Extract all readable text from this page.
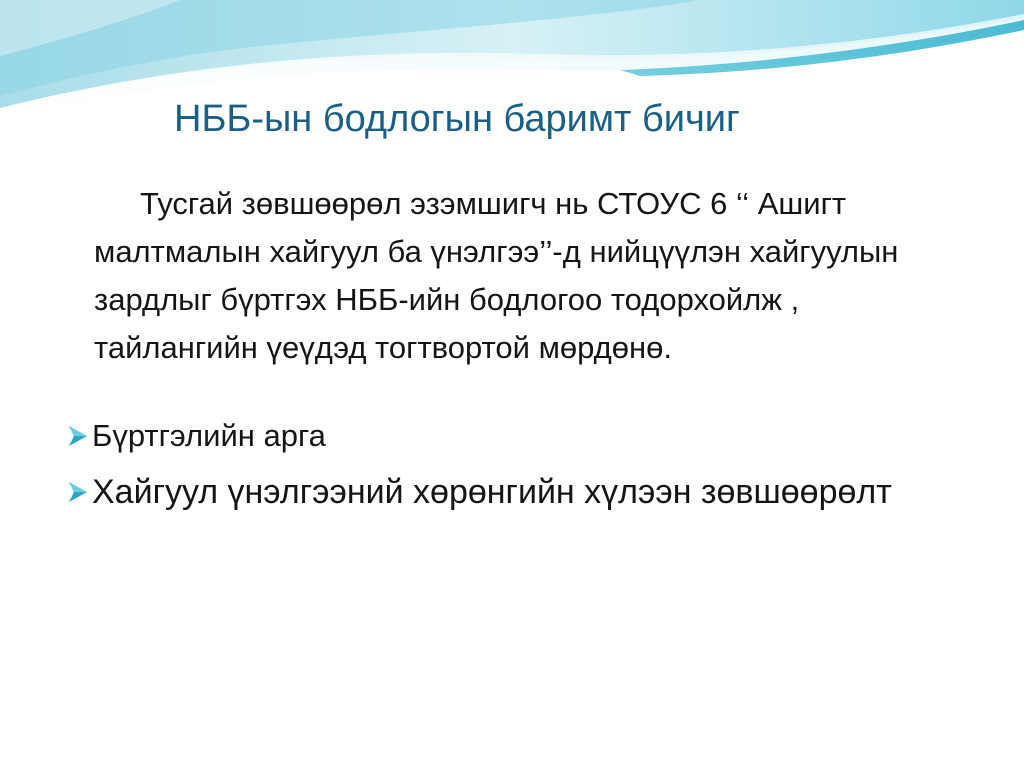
НББ-ын бодлогын баримт бичиг
Тусгай зөвшөөрөл эзэмшигч нь СТОУС 6 ‘‘ Ашигт малтмалын хайгуул ба үнэлгээ’’-д нийцүүлэн хайгуулын зардлыг бүртгэх НББ-ийн бодлогоо тодорхойлж , тайлангийн үеүдэд тогтвортой мөрдөнө.
Бүртгэлийн арга
Хайгуул үнэлгээний хөрөнгийн хүлээн зөвшөөрөлт
